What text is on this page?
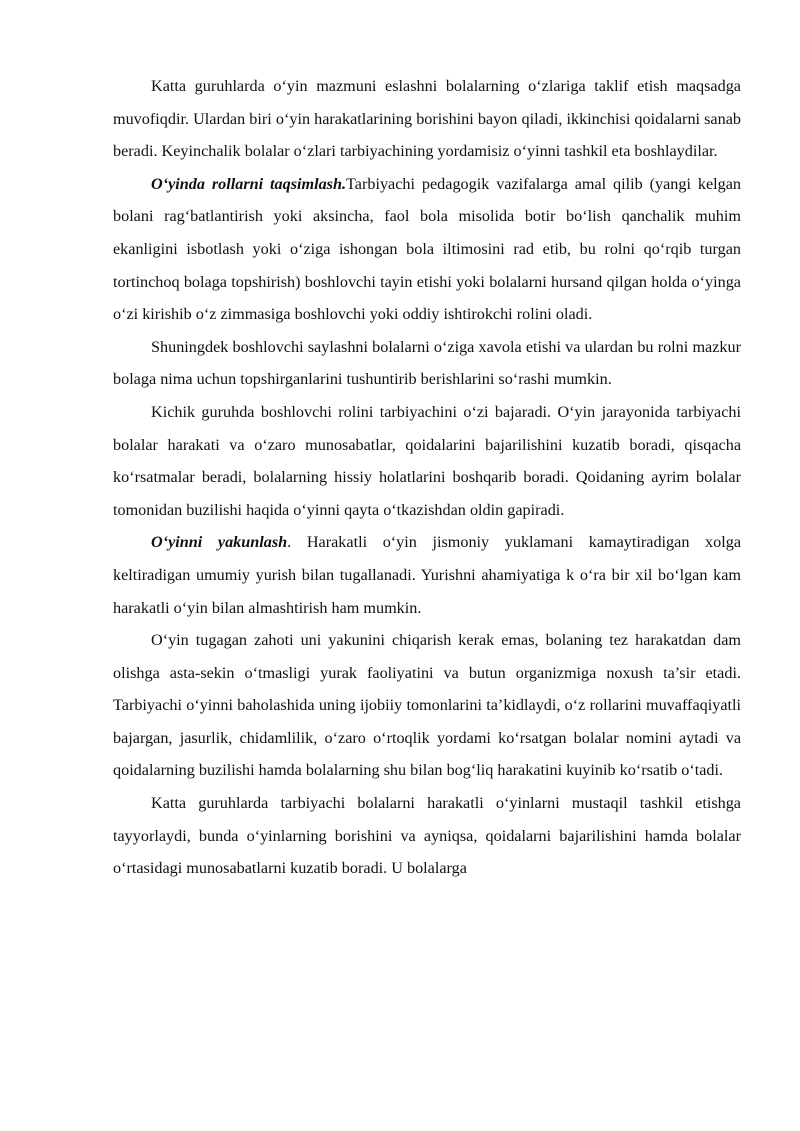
Katta guruhlarda o‘yin mazmuni eslashni bolalarning o‘zlariga taklif etish maqsadga muvofiqdir. Ulardan biri o‘yin harakatlarining borishini bayon qiladi, ikkinchisi qoidalarni sanab beradi. Keyinchalik bolalar o‘zlari tarbiyachining yordamisiz o‘yinni tashkil eta boshlaydilar.

O‘yinda rollarni taqsimlash.Tarbiyachi pedagogik vazifalarga amal qilib (yangi kelgan bolani rag‘batlantirish yoki aksincha, faol bola misolida botir bo‘lish qanchalik muhim ekanligini isbotlash yoki o‘ziga ishongan bola iltimosini rad etib, bu rolni qo‘rqib turgan tortinchoq bolaga topshirish) boshlovchi tayin etishi yoki bolalarni hursand qilgan holda o‘yinga o‘zi kirishib o‘z zimmasiga boshlovchi yoki oddiy ishtirokchi rolini oladi.

Shuningdek boshlovchi saylashni bolalarni o‘ziga xavola etishi va ulardan bu rolni mazkur bolaga nima uchun topshirganlarini tushuntirib berishlarini so‘rashi mumkin.

Kichik guruhda boshlovchi rolini tarbiyachini o‘zi bajaradi. O‘yin jarayonida tarbiyachi bolalar harakati va o‘zaro munosabatlar, qoidalarini bajarilishini kuzatib boradi, qisqacha ko‘rsatmalar beradi, bolalarning hissiy holatlarini boshqarib boradi. Qoidaning ayrim bolalar tomonidan buzilishi haqida o‘yinni qayta o‘tkazishdan oldin gapiradi.

O‘yinni yakunlash. Harakatli o‘yin jismoniy yuklamani kamaytiradigan xolga keltiradigan umumiy yurish bilan tugallanadi. Yurishni ahamiyatiga k o‘ra bir xil bo‘lgan kam harakatli o‘yin bilan almashtirish ham mumkin.

O‘yin tugagan zahoti uni yakunini chiqarish kerak emas, bolaning tez harakatdan dam olishga asta-sekin o‘tmasligi yurak faoliyatini va butun organizmiga noxush ta’sir etadi. Tarbiyachi o‘yinni baholashida uning ijobiiy tomonlarini ta’kidlaydi, o‘z rollarini muvaffaqiyatli bajargan, jasurlik, chidamlilik, o‘zaro o‘rtoqlik yordami ko‘rsatgan bolalar nomini aytadi va qoidalarning buzilishi hamda bolalarning shu bilan bog‘liq harakatini kuyinib ko‘rsatib o‘tadi.

Katta guruhlarda tarbiyachi bolalarni harakatli o‘yinlarni mustaqil tashkil etishga tayyorlaydi, bunda o‘yinlarning borishini va ayniqsa, qoidalarni bajarilishini hamda bolalar o‘rtasidagi munosabatlarni kuzatib boradi. U bolalarga
